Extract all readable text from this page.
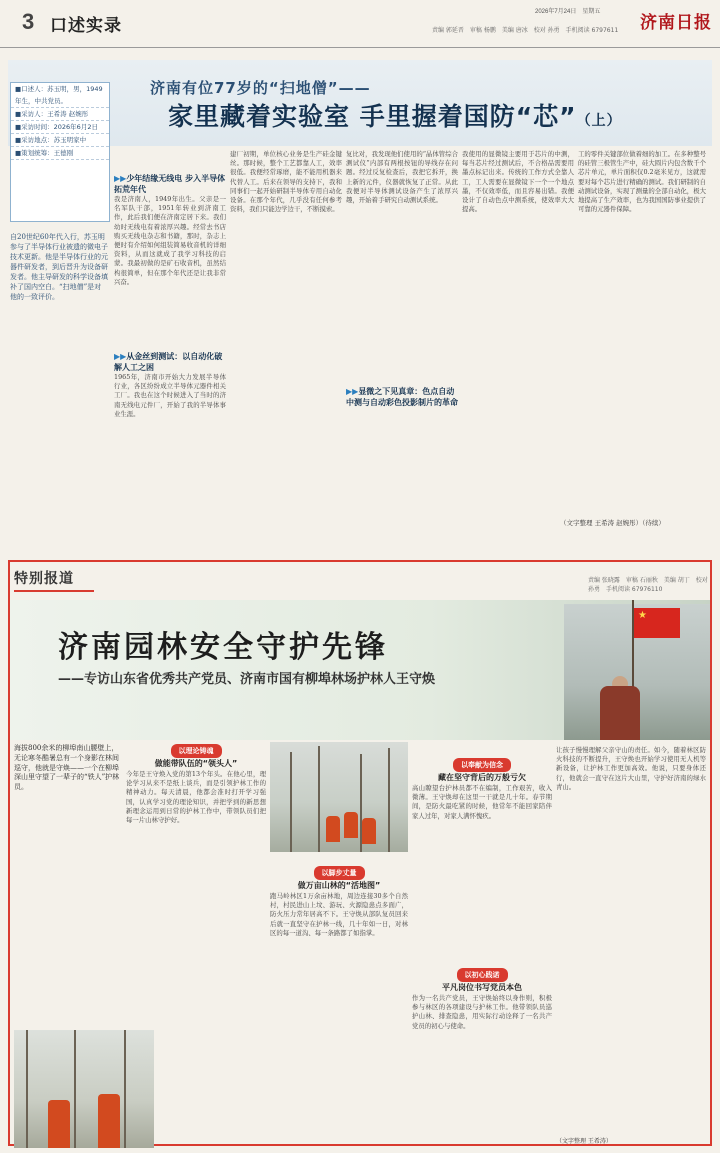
3 口述实录
2026年7月24日　星期五
责编 郭延晋　审稿 杨鹏　美编 唐冰　校对 孙勇　手机阅读 6797611	济南日报
济南有位77岁的“扫地僧”——
家里藏着实验室 手里握着国防“芯”（上）
■口述人：苏玉明，男，1949年生，中共党员。
■采访人：王希涛 赵婉彤
■采访时间：2026年6月2日
■采访地点：苏玉明家中
■策划统筹：王德刚
自20世纪60年代入行，苏玉明参与了半导体行业被遗的微电子技术更新。他是半导体行业的元器件研发者，到后晋升为设备研发者。他主导研发的科学设备填补了国内空白。“扫地僧”是对他的一致评价。
▶▶少年结缘无线电 步入半导体拓荒年代
我是济南人，1949年出生。父亲是一名军队干部，1951年转业到济南工作，此后我们便在济南定居下来。我们幼时无线电有着浓厚兴趣。经常去书店购买无线电杂志和书籍，那时，杂志上便时有介绍如何组装简易收音机的详细资料，从而这就成了我学习科技的启蒙。我最初做的是矿石收音机，虽然结构很简单，但在那个年代还是让我非常兴奋。
▶▶从金丝到测试：以自动化破解人工之困
1965年，济南市开始大力发展半导体行业，各区纷纷成立半导体元器件相关工厂。我也在这个时候进入了当时的济南无线电元件厂，开始了我的半导体事业生涯。
建厂初期，单位核心业务是生产硅金键丝。那时候，整个工艺都靠人工，效率很低。我便经常琢磨，能不能用机器来代替人工。后来在领导的支持下，我和同事们一起开始研制半导体专用自动化设备。在那个年代，几乎没有任何参考资料，我们只能边学边干，不断摸索。
复比对，我发现他们使用的“晶体管综合测试仪”内部有两根按钮的导线存在问题。经过反复检查后，我把它拆开，换上新的元件，仪器就恢复了正常。从此我便对半导体测试设备产生了浓厚兴趣，开始着手研究自动测试系统。
▶▶显微之下见真章：色点自动中测与自动彩色投影制片的革命
我使用的显微镜主要用于芯片的中测，每当芯片经过测试后，不合格品需要用墨点标记出来。传统的工作方式全靠人工，工人需要在显微镜下一个一个地点墨，不仅效率低，而且容易出错。我便设计了自动色点中测系统，使效率大大提高。
工的零件关键部位做着细的加工。在多种整号的硅管三极管生产中，硅大圆片内包含数千个芯片单元，单片面积仅0.2毫米见方，这就需要对每个芯片进行精确的测试。我们研制的自动测试设备，实现了测量的全部自动化，极大地提高了生产效率，也为我国国防事业提供了可靠的元器件保障。
（文字整理 王希涛 赵婉彤）（待续）
特别报道	责编 张晓露　审稿 石丽秋　美编 胡丁　校对 孙勇　手机阅读 67976110
★
济南园林安全守护先锋
——专访山东省优秀共产党员、济南市国有柳埠林场护林人王守焕
海拔800余米的柳埠南山腰壁上，无论寒冬酷暑总有一个身影在林间巡守，他就是守焕——一个在柳埠深山里守望了一辈子的“铁人”护林员。
以理论铸魂
做能带队伍的“领头人”
今年是王守焕入党的第13个年头。在他心里，理论学习从来不是纸上谈兵，而是引领护林工作的精神动力。每天清晨，他都会准时打开学习强国，认真学习党的理论知识，并把学到的新思想新理念运用到日常的护林工作中，带领队员们把每一片山林守护好。
以脚步丈量
做万亩山林的“活地图”
跑马岭林区1万余亩林地，周边连接30多个自然村，村民进山上坟、游玩、火源隐患点多面广，防火压力常年居高不下。王守焕从部队复员回来后就一直坚守在护林一线，几十年如一日，对林区的每一道沟、每一条路都了如指掌。
以奉献为信念
藏在坚守背后的万般亏欠
高山瞭望台护林员都不在编制，工作艰苦，收入微薄。王守焕却在这里一干就是几十年。春节期间，是防火最吃紧的时候，他常年不能回家陪伴家人过年，对家人满怀愧疚。
以初心践诺
平凡岗位书写党员本色
作为一名共产党员，王守焕始终以身作则，积极参与林区的各项建设与护林工作。他带领队员巡护山林、排查隐患，用实际行动诠释了一名共产党员的初心与使命。
让孩子慢慢理解父亲守山的责任。如今，随着林区防火科技的不断提升，王守焕也开始学习使用无人机等新设备，让护林工作更加高效。他说，只要身体还行，他就会一直守在这片大山里，守护好济南的绿水青山。
（文字整理 王希涛）
